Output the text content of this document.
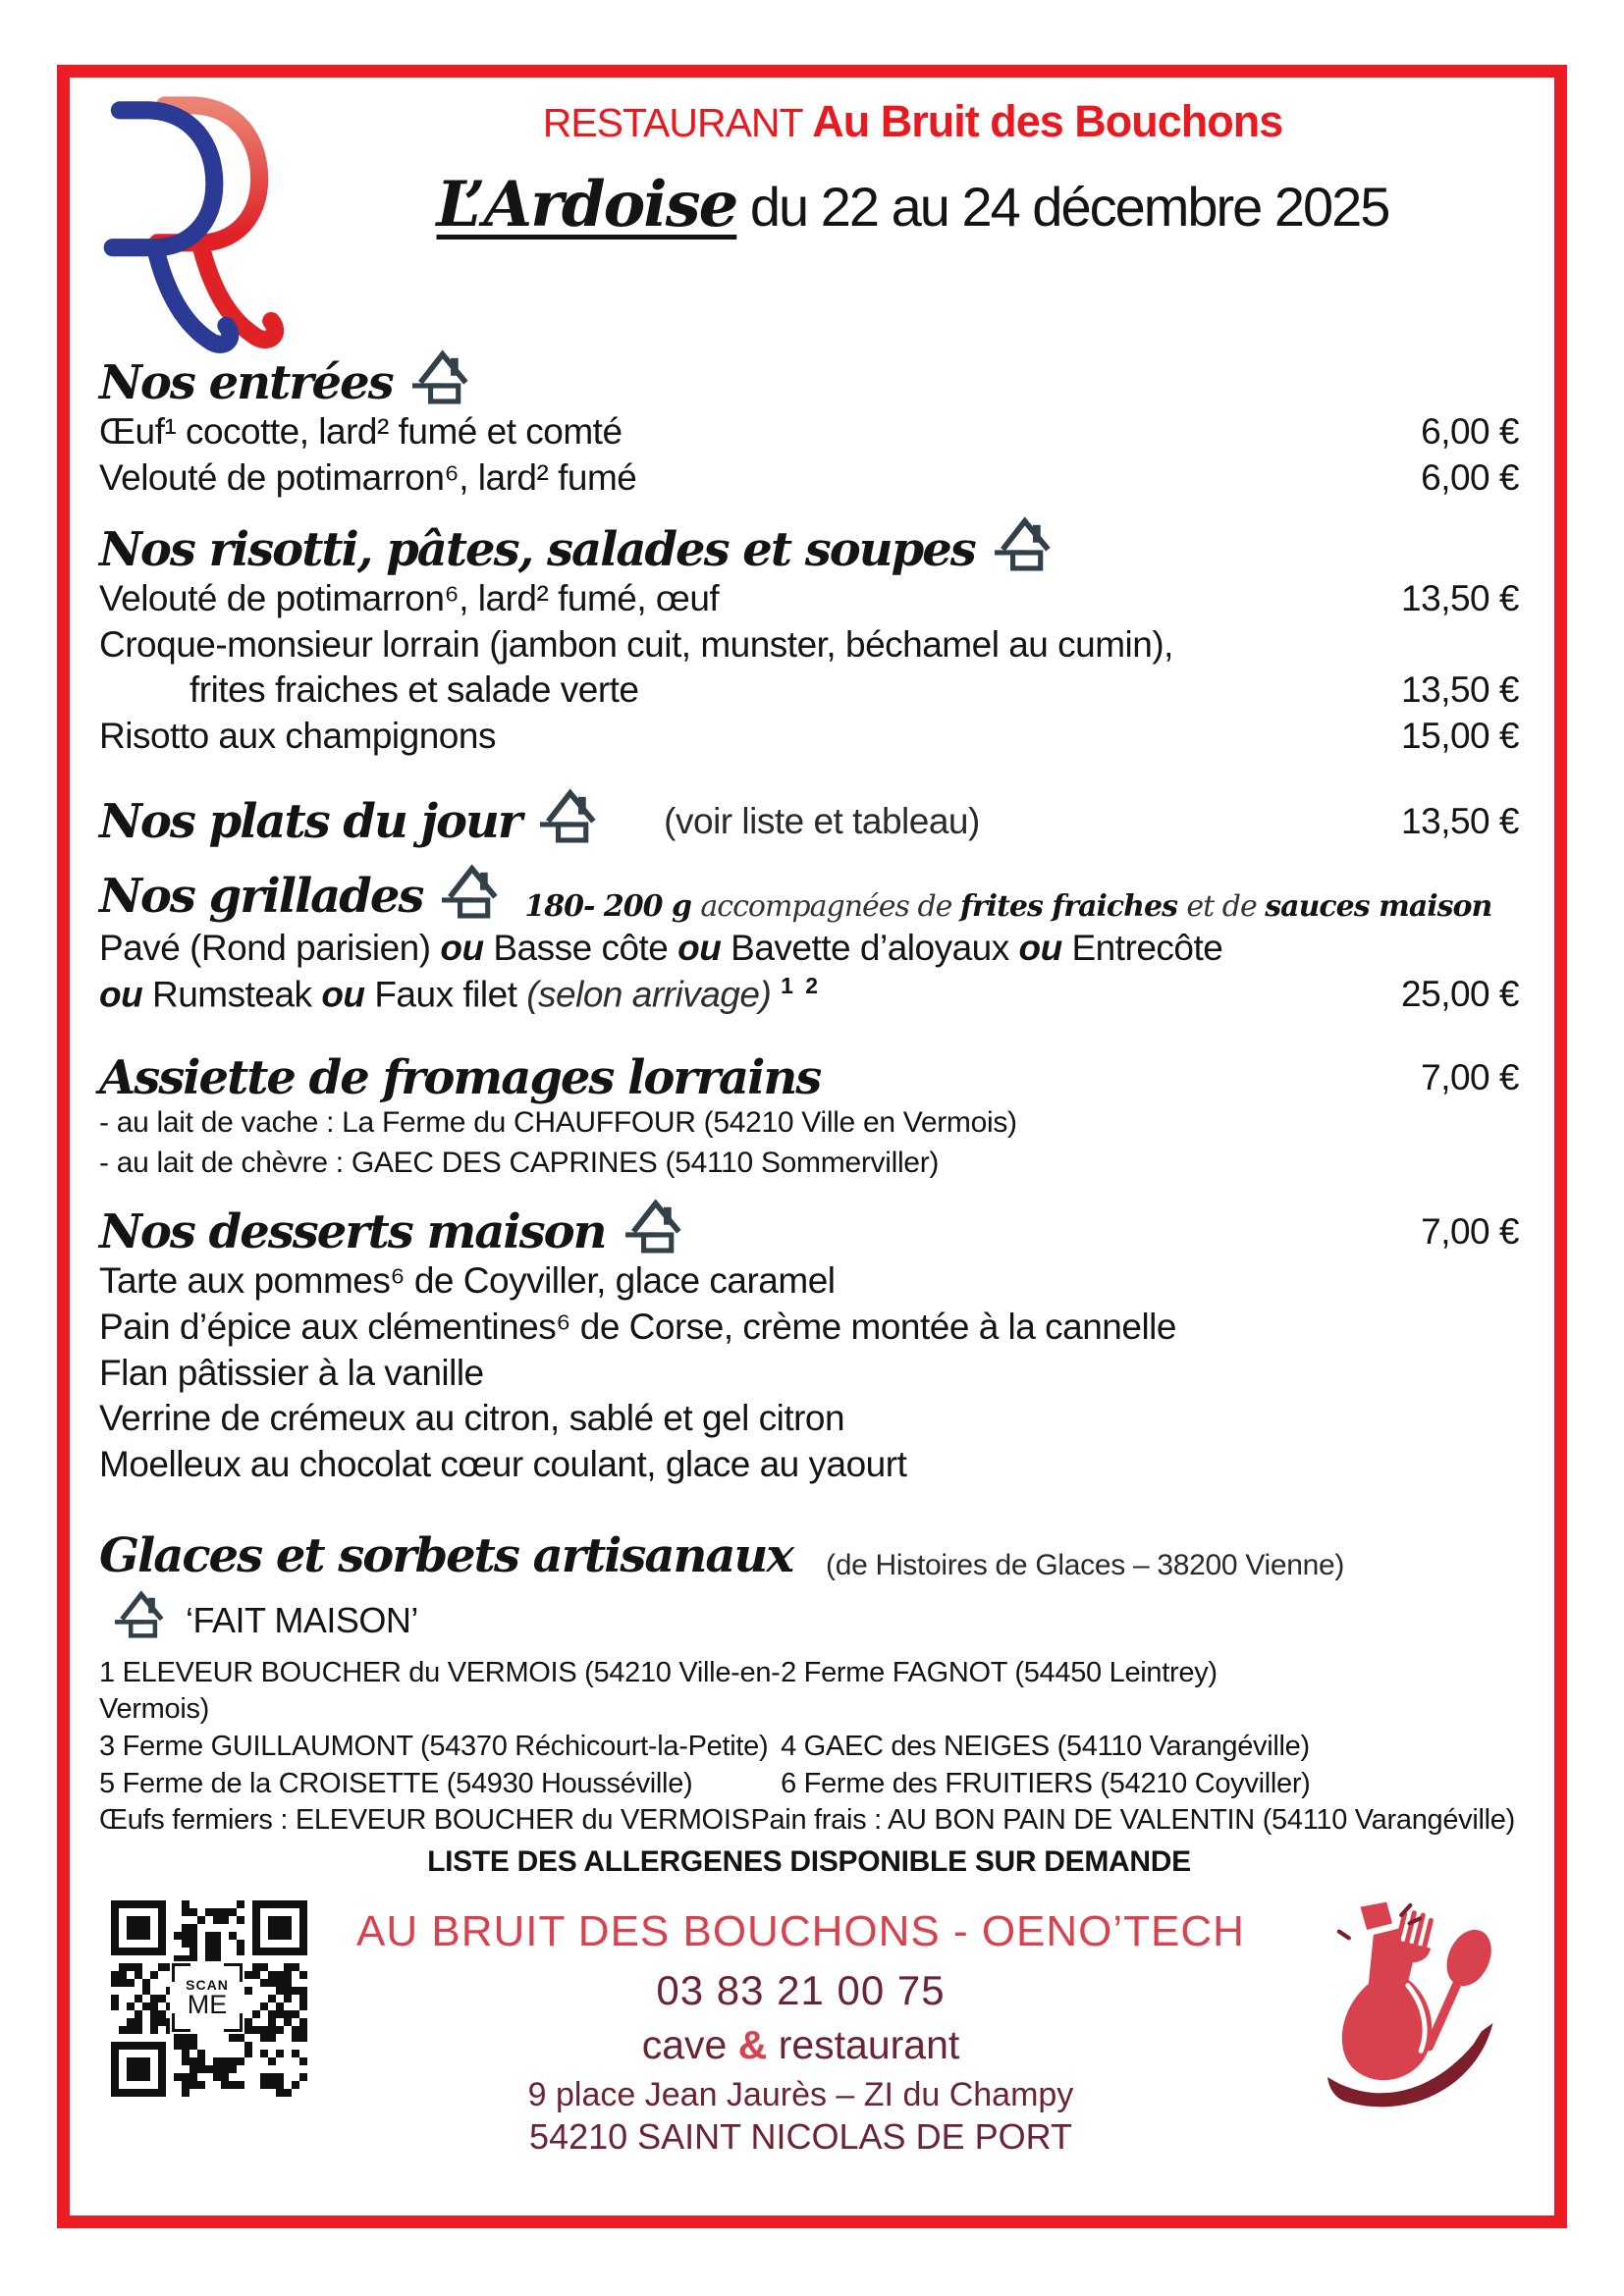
RESTAURANT Au Bruit des Bouchons
L’Ardoise du 22 au 24 décembre 2025
Nos entrées
Œuf¹ cocotte, lard² fumé et comté	6,00 €
Velouté de potimarron⁶, lard² fumé	6,00 €
Nos risotti, pâtes, salades et soupes
Velouté de potimarron⁶, lard² fumé, œuf	13,50 €
Croque-monsieur lorrain (jambon cuit, munster, béchamel au cumin),
frites fraiches et salade verte	13,50 €
Risotto aux champignons	15,00 €
Nos plats du jour	(voir liste et tableau)	13,50 €
Nos grillades	180- 200 g accompagnées de frites fraiches et de sauces maison
Pavé (Rond parisien) ou Basse côte ou Bavette d’aloyaux ou Entrecôte
ou Rumsteak ou Faux filet (selon arrivage) $^{1 2}$	25,00 €
Assiette de fromages lorrains	7,00 €
- au lait de vache : La Ferme du CHAUFFOUR (54210 Ville en Vermois)
- au lait de chèvre : GAEC DES CAPRINES (54110 Sommerviller)
Nos desserts maison	7,00 €
Tarte aux pommes⁶ de Coyviller, glace caramel
Pain d’épice aux clémentines⁶ de Corse, crème montée à la cannelle
Flan pâtissier à la vanille
Verrine de crémeux au citron, sablé et gel citron
Moelleux au chocolat cœur coulant, glace au yaourt
Glaces et sorbets artisanaux (de Histoires de Glaces – 38200 Vienne)
‘FAIT MAISON’
1 ELEVEUR BOUCHER du VERMOIS (54210 Ville-en-Vermois)
2 Ferme FAGNOT (54450 Leintrey)
3 Ferme GUILLAUMONT (54370 Réchicourt-la-Petite) 4 GAEC des NEIGES (54110 Varangéville)
5 Ferme de la CROISETTE (54930 Housséville)	6 Ferme des FRUITIERS (54210 Coyviller)
Œufs fermiers : ELEVEUR BOUCHER du VERMOIS Pain frais : AU BON PAIN DE VALENTIN (54110 Varangéville)
LISTE DES ALLERGENES DISPONIBLE SUR DEMANDE
SCAN
ME
AU BRUIT DES BOUCHONS - OENO’TECH
03 83 21 00 75
cave & restaurant
9 place Jean Jaurès – ZI du Champy
54210 SAINT NICOLAS DE PORT
